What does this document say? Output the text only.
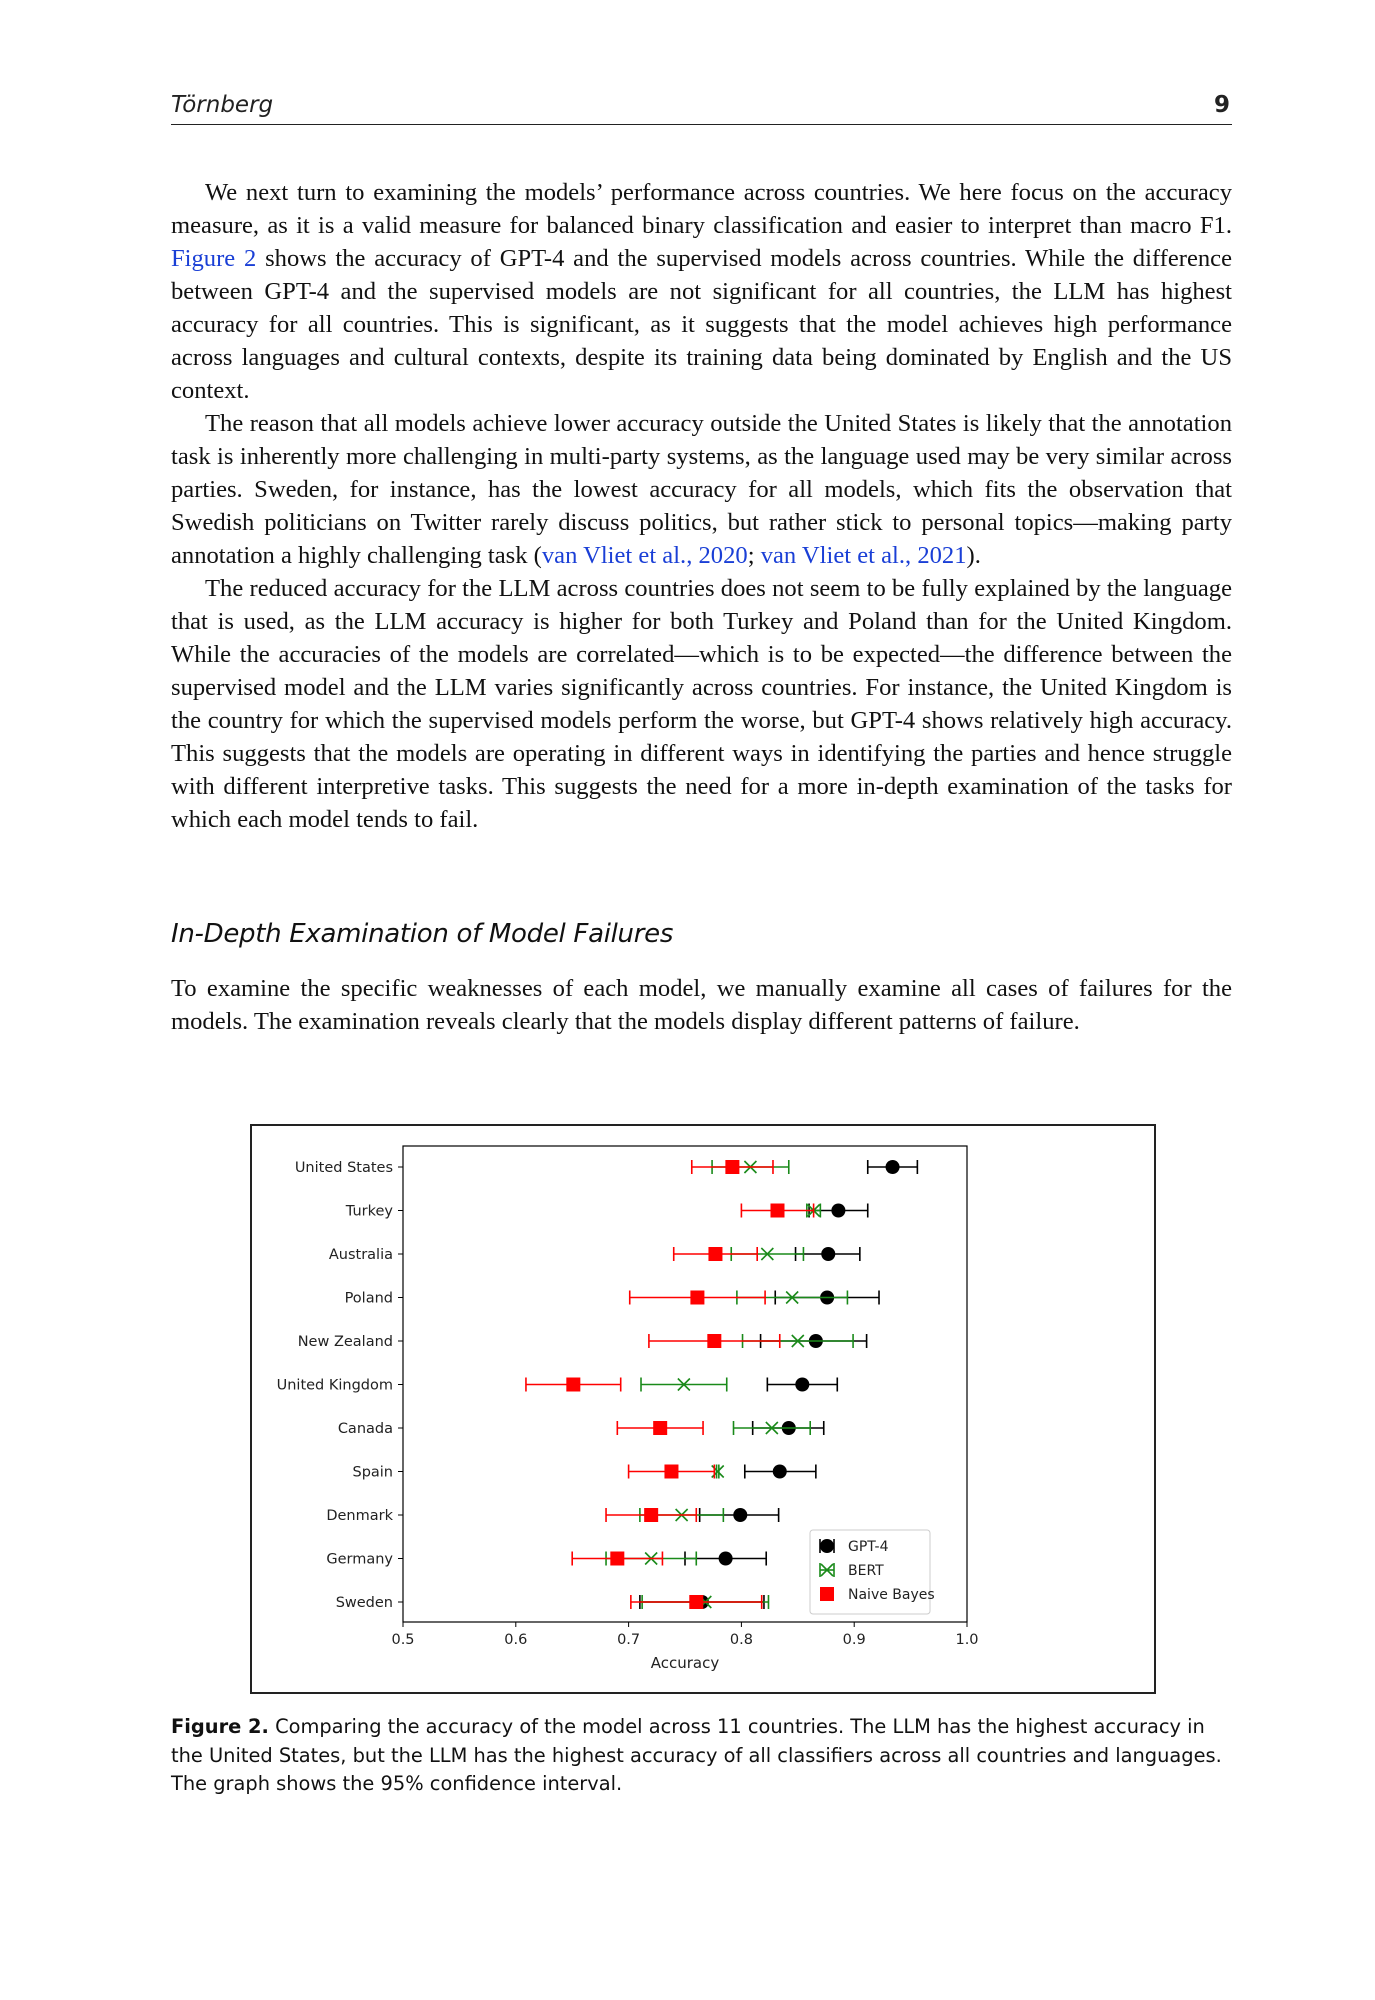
Törnberg	9

We next turn to examining the models’ performance across countries. We here focus on the accuracy measure, as it is a valid measure for balanced binary classification and easier to interpret than macro F1. Figure 2 shows the accuracy of GPT-4 and the supervised models across countries. While the difference between GPT-4 and the supervised models are not significant for all countries, the LLM has highest accuracy for all countries. This is significant, as it suggests that the model achieves high performance across languages and cultural contexts, despite its training data being dominated by English and the US context.

The reason that all models achieve lower accuracy outside the United States is likely that the annotation task is inherently more challenging in multi-party systems, as the language used may be very similar across parties. Sweden, for instance, has the lowest accuracy for all models, which fits the observation that Swedish politicians on Twitter rarely discuss politics, but rather stick to personal topics—making party annotation a highly challenging task (van Vliet et al., 2020; van Vliet et al., 2021).

The reduced accuracy for the LLM across countries does not seem to be fully explained by the language that is used, as the LLM accuracy is higher for both Turkey and Poland than for the United Kingdom. While the accuracies of the models are correlated—which is to be expected—the difference between the supervised model and the LLM varies significantly across countries. For instance, the United Kingdom is the country for which the supervised models perform the worse, but GPT-4 shows relatively high accuracy. This suggests that the models are operating in different ways in identifying the parties and hence struggle with different interpretive tasks. This suggests the need for a more in-depth examination of the tasks for which each model tends to fail.

In-Depth Examination of Model Failures

To examine the specific weaknesses of each model, we manually examine all cases of failures for the models. The examination reveals clearly that the models display different patterns of failure.

0.5	0.6	0.7	0.8	0.9	1.0
Accuracy
United States
Turkey
Australia
Poland
New Zealand
United Kingdom
Canada
Spain
Denmark
Germany
Sweden
GPT-4
BERT
Naive Bayes
Figure 2. Comparing the accuracy of the model across 11 countries. The LLM has the highest accuracy in the United States, but the LLM has the highest accuracy of all classifiers across all countries and languages. The graph shows the 95% confidence interval.
